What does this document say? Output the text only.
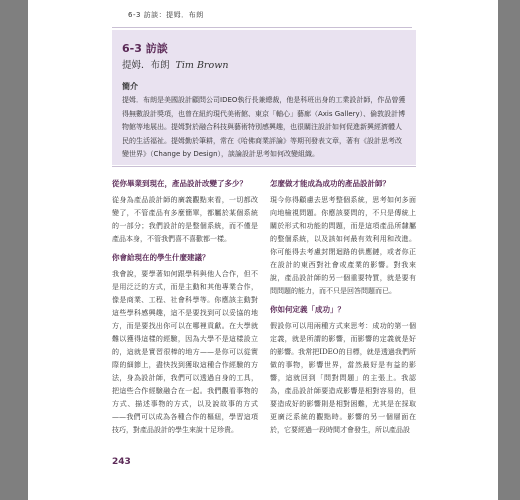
6-3 訪談：提姆．布朗
6-3 訪談
提姆．布朗 Tim Brown
簡介
提姆．布朗是美國設計顧問公司IDEO執行長兼總裁，他是科班出身的工業設計師，作品曾獲得無數設計獎項，也曾在紐約現代美術館、東京「軸心」藝廊（Axis Gallery）、倫敦設計博物館等地展出。提姆對於融合科技與藝術特別感興趣，也很關注設計如何促進新興經濟體人民的生活福祉。提姆勤於筆耕，常在《哈佛商業評論》等期刊發表文章，著有《設計思考改變世界》（Change by Design），談論設計思考如何改變組織。
從你畢業到現在，產品設計改變了多少？
從身為產品設計師的廣義觀點來看，一切都改變了，不管產品有多麼簡單，都屬於某個系統的一部分；我們設計的是整個系統，而不僅是產品本身，不管我們喜不喜歡都一樣。
你會給現在的學生什麼建議？
我會說，要學著如何跟學科與他人合作，但不是用泛泛的方式，而是主動和其他專業合作，像是商業、工程、社會科學等。你應該主動對這些學科感興趣，這不是要找到可以妥協的地方，而是要找出你可以在哪裡貢獻。在大學就難以獲得這樣的經驗，因為大學不是這樣設立的，這就是實習很棒的地方——是你可以從實際的細節上，盡快找到獲取這種合作經驗的方法，身為設計師，我們可以透過自身的工具，把這些合作經驗融合在一起。我們觀看事物的方式、描述事物的方式，以及說故事的方式——我們可以成為各種合作的樞紐，學習這項技巧，對產品設計的學生來說十足珍貴。
怎麼做才能成為成功的產品設計師？
現今你得顧慮去思考整個系統，思考如何多面向地檢視問題。你應該要問的，不只是傳統上關於形式和功能的問題，而是這項產品所隸屬的整個系統，以及該如何最有效利用和改進。你可能得去考慮封閉迴路的供應鏈，或者你正在設計的東西對社會或產業的影響。對我來說，產品設計師的另一個重要特質，就是要有問問題的能力，而不只是回答問題而已。
你如何定義「成功」？
假設你可以用兩種方式來思考：成功的第一個定義，就是所謂的影響，而影響的定義就是好的影響。我常把IDEO的目標，就是透過我們所做的事物，影響世界，當然最好是有益的影響，這就回到「問對問題」的主張上。我認為，產品設計師要造成影響是相對容易的，但要造成好的影響則是相對困難，尤其是在採取更廣泛系統的觀點時。影響的另一個層面在於，它要經過一段時間才會發生，所以產品設
243
